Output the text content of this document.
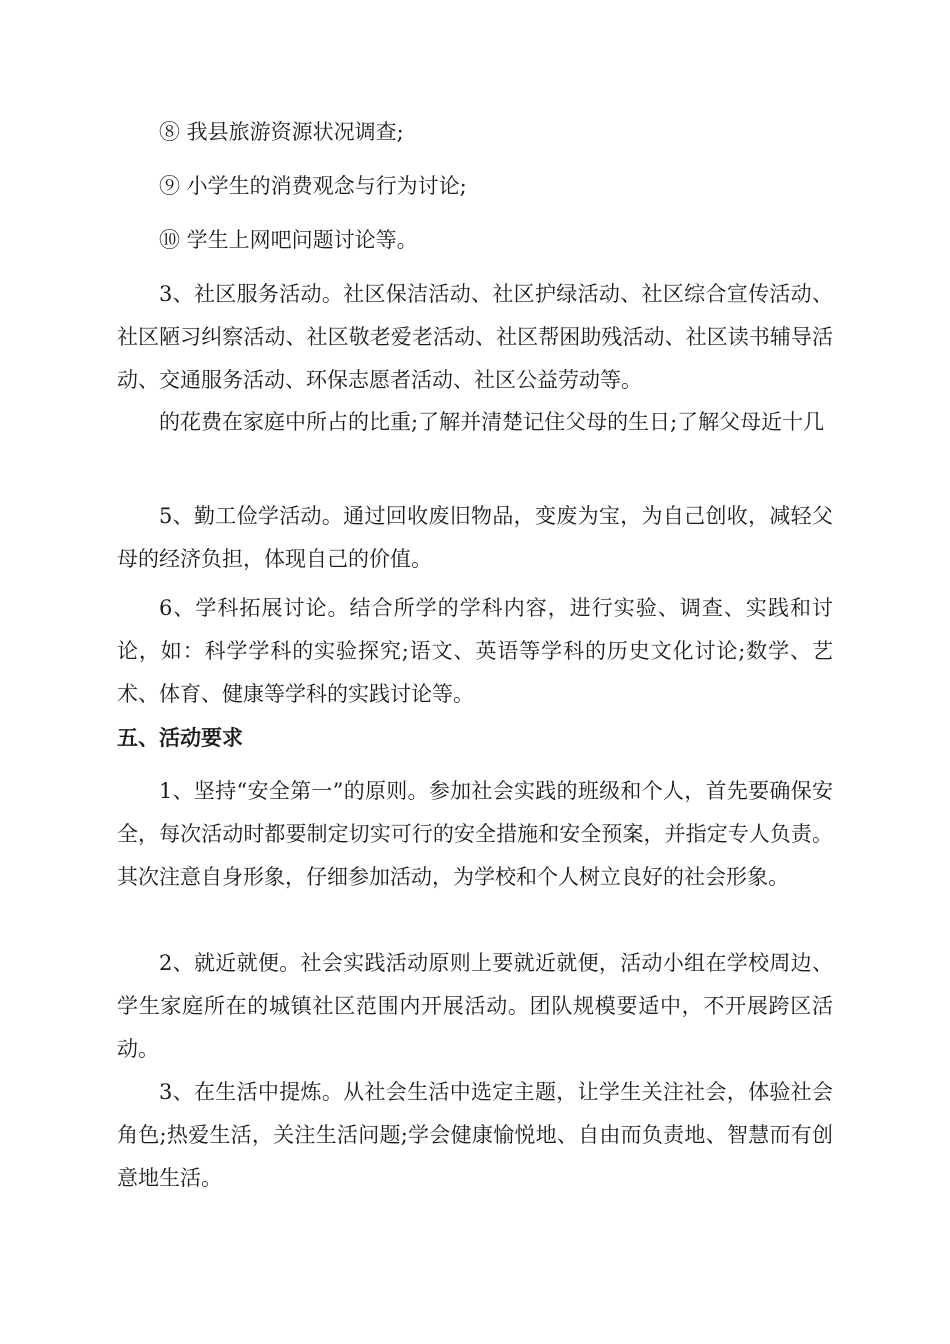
⑧ 我县旅游资源状况调查;

⑨ 小学生的消费观念与行为讨论;

⑩ 学生上网吧问题讨论等。

3、社区服务活动。社区保洁活动、社区护绿活动、社区综合宣传活动、社区陋习纠察活动、社区敬老爱老活动、社区帮困助残活动、社区读书辅导活动、交通服务活动、环保志愿者活动、社区公益劳动等。

的花费在家庭中所占的比重;了解并清楚记住父母的生日;了解父母近十几

5、勤工俭学活动。通过回收废旧物品，变废为宝，为自己创收，减轻父母的经济负担，体现自己的价值。

6、学科拓展讨论。结合所学的学科内容，进行实验、调查、实践和讨论，如：科学学科的实验探究;语文、英语等学科的历史文化讨论;数学、艺术、体育、健康等学科的实践讨论等。

五、活动要求

1、坚持“安全第一”的原则。参加社会实践的班级和个人，首先要确保安全，每次活动时都要制定切实可行的安全措施和安全预案，并指定专人负责。其次注意自身形象，仔细参加活动，为学校和个人树立良好的社会形象。

2、就近就便。社会实践活动原则上要就近就便，活动小组在学校周边、学生家庭所在的城镇社区范围内开展活动。团队规模要适中，不开展跨区活动。

3、在生活中提炼。从社会生活中选定主题，让学生关注社会，体验社会角色;热爱生活，关注生活问题;学会健康愉悦地、自由而负责地、智慧而有创意地生活。
